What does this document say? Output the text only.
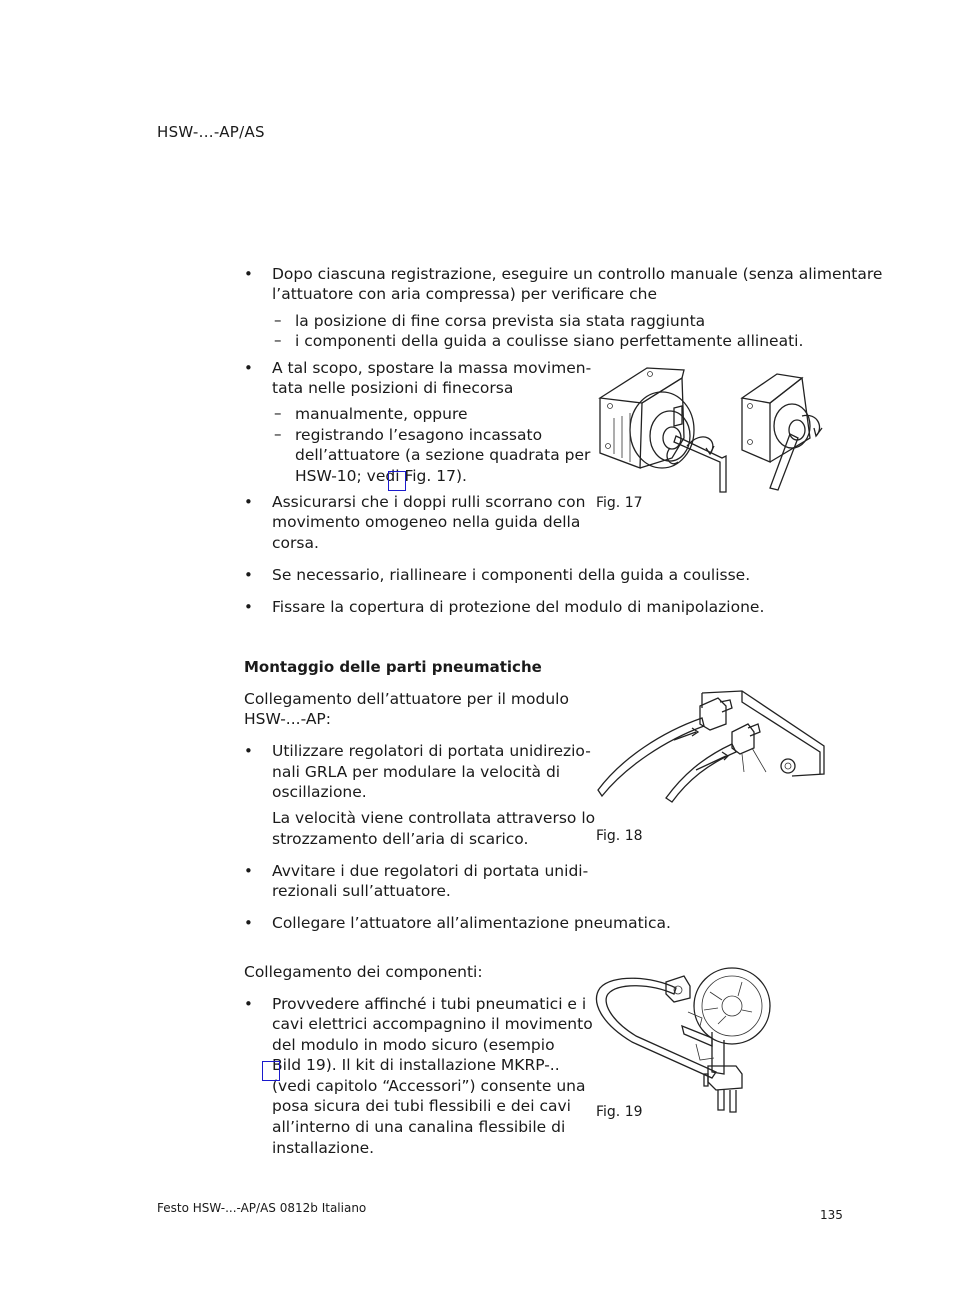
HSW-...-AP/AS
• Dopo ciascuna registrazione, eseguire un controllo manuale (senza alimentare
l’attuatore con aria compressa) per verificare che
– la posizione di fine corsa prevista sia stata raggiunta
– i componenti della guida a coulisse siano perfettamente allineati.
• A tal scopo, spostare la massa movimen-
tata nelle posizioni di finecorsa
– manualmente, oppure
– registrando l’esagono incassato
dell’attuatore (a sezione quadrata per
HSW-10; vedi Fig. 17).
• Assicurarsi che i doppi rulli scorrano con
movimento omogeneo nella guida della
corsa.
• Se necessario, riallineare i componenti della guida a coulisse.
• Fissare la copertura di protezione del modulo di manipolazione.
Fig. 17
Montaggio delle parti pneumatiche
Collegamento dell’attuatore per il modulo
HSW-...-AP:
• Utilizzare regolatori di portata unidirezio-
nali GRLA per modulare la velocità di
oscillazione.
La velocità viene controllata attraverso lo
strozzamento dell’aria di scarico.	Fig. 18
• Avvitare i due regolatori di portata unidi-
rezionali sull’attuatore.
• Collegare l’attuatore all’alimentazione pneumatica.
Collegamento dei componenti:
• Provvedere affinché i tubi pneumatici e i
cavi elettrici accompagnino il movimento
del modulo in modo sicuro (esempio
Bild 19). Il kit di installazione MKRP-..
(vedi capitolo “Accessori”) consente una
posa sicura dei tubi flessibili e dei cavi
all’interno di una canalina flessibile di
installazione.
Fig. 19
Festo HSW-...-AP/AS 0812b Italiano	135
